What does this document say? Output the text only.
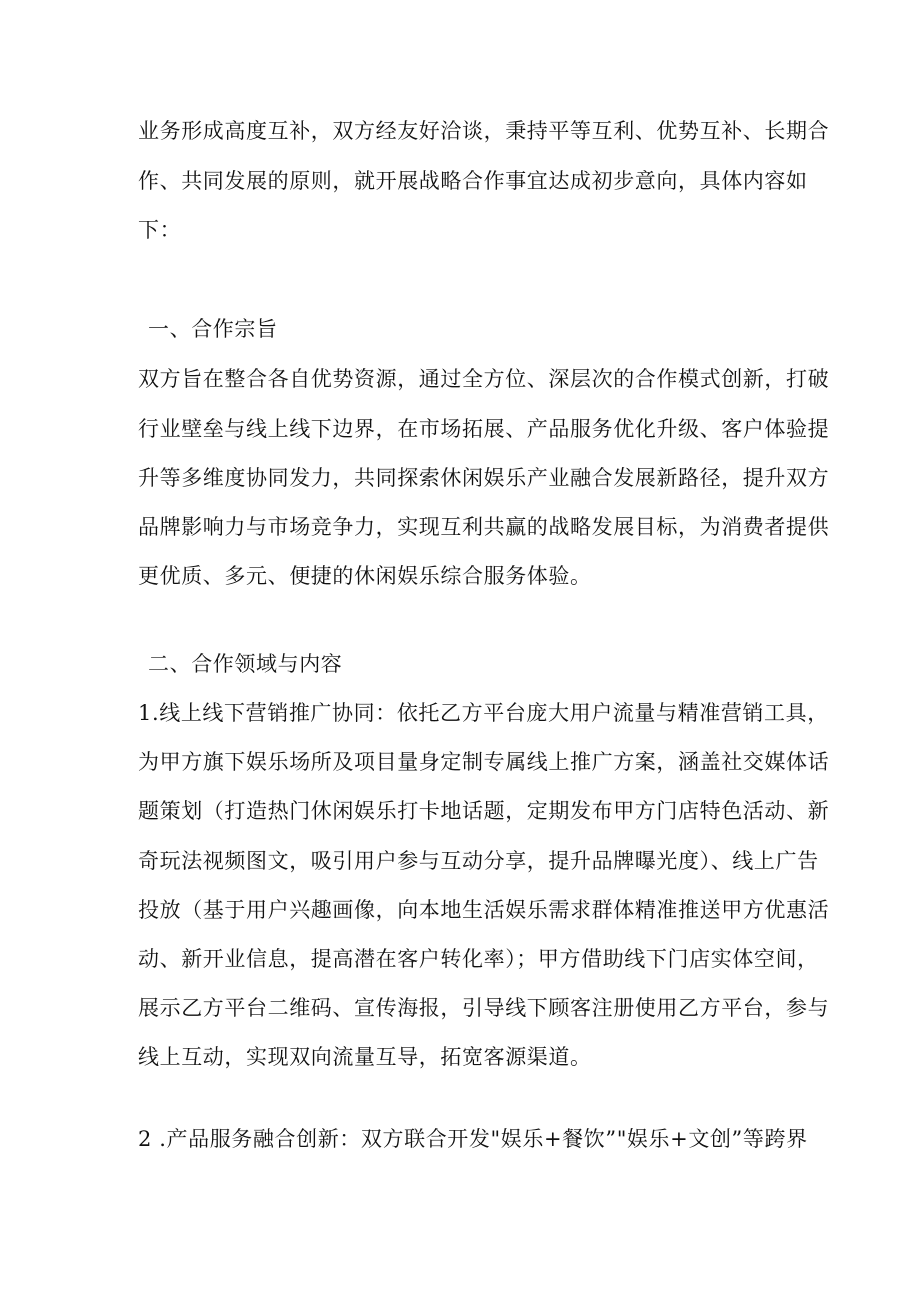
业务形成高度互补，双方经友好洽谈，秉持平等互利、优势互补、长期合
作、共同发展的原则，就开展战略合作事宜达成初步意向，具体内容如
下：
一、合作宗旨
双方旨在整合各自优势资源，通过全方位、深层次的合作模式创新，打破
行业壁垒与线上线下边界，在市场拓展、产品服务优化升级、客户体验提
升等多维度协同发力，共同探索休闲娱乐产业融合发展新路径，提升双方
品牌影响力与市场竞争力，实现互利共赢的战略发展目标，为消费者提供
更优质、多元、便捷的休闲娱乐综合服务体验。
二、合作领域与内容
1.线上线下营销推广协同：依托乙方平台庞大用户流量与精准营销工具，
为甲方旗下娱乐场所及项目量身定制专属线上推广方案，涵盖社交媒体话
题策划（打造热门休闲娱乐打卡地话题，定期发布甲方门店特色活动、新
奇玩法视频图文，吸引用户参与互动分享，提升品牌曝光度）、线上广告
投放（基于用户兴趣画像，向本地生活娱乐需求群体精准推送甲方优惠活
动、新开业信息，提高潜在客户转化率）；甲方借助线下门店实体空间，
展示乙方平台二维码、宣传海报，引导线下顾客注册使用乙方平台，参与
线上互动，实现双向流量互导，拓宽客源渠道。
2 .产品服务融合创新：双方联合开发"娱乐+餐饮”"娱乐+文创”等跨界
